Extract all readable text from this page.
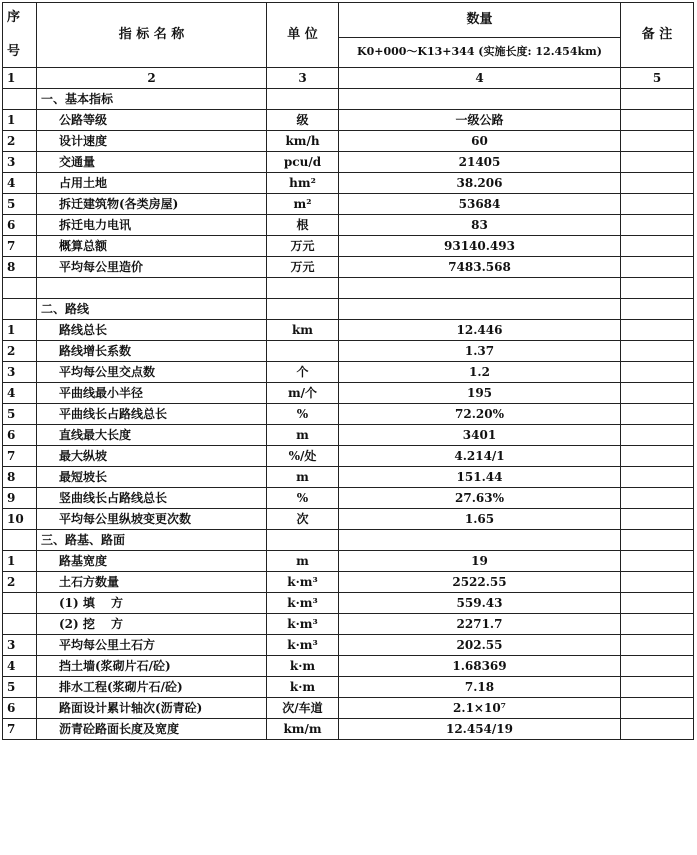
序
号	指 标 名 称	单 位	数量	备 注
			K0+000～K13+344 (实施长度: 12.454km)	
1	2	3	4	5
	一、基本指标			
1	公路等级	级	一级公路	
2	设计速度	km/h	60	
3	交通量	pcu/d	21405	
4	占用土地	hm²	38.206	
5	拆迁建筑物(各类房屋)	m²	53684	
6	拆迁电力电讯	根	83	
7	概算总额	万元	93140.493	
8	平均每公里造价	万元	7483.568	

	二、路线			
1	路线总长	km	12.446	
2	路线增长系数		1.37	
3	平均每公里交点数	个	1.2	
4	平曲线最小半径	m/个	195	
5	平曲线长占路线总长	%	72.20%	
6	直线最大长度	m	3401	
7	最大纵坡	%/处	4.214/1	
8	最短坡长	m	151.44	
9	竖曲线长占路线总长	%	27.63%	
10	平均每公里纵坡变更次数	次	1.65	
	三、路基、路面			
1	路基宽度	m	19	
2	土石方数量	k·m³	2522.55	
	(1) 填　 方	k·m³	559.43	
	(2) 挖　 方	k·m³	2271.7	
3	平均每公里土石方	k·m³	202.55	
4	挡土墙(浆砌片石/砼)	k·m	1.68369	
5	排水工程(浆砌片石/砼)	k·m	7.18	
6	路面设计累计轴次(沥青砼)	次/车道	2.1×10⁷	
7	沥青砼路面长度及宽度	km/m	12.454/19	
